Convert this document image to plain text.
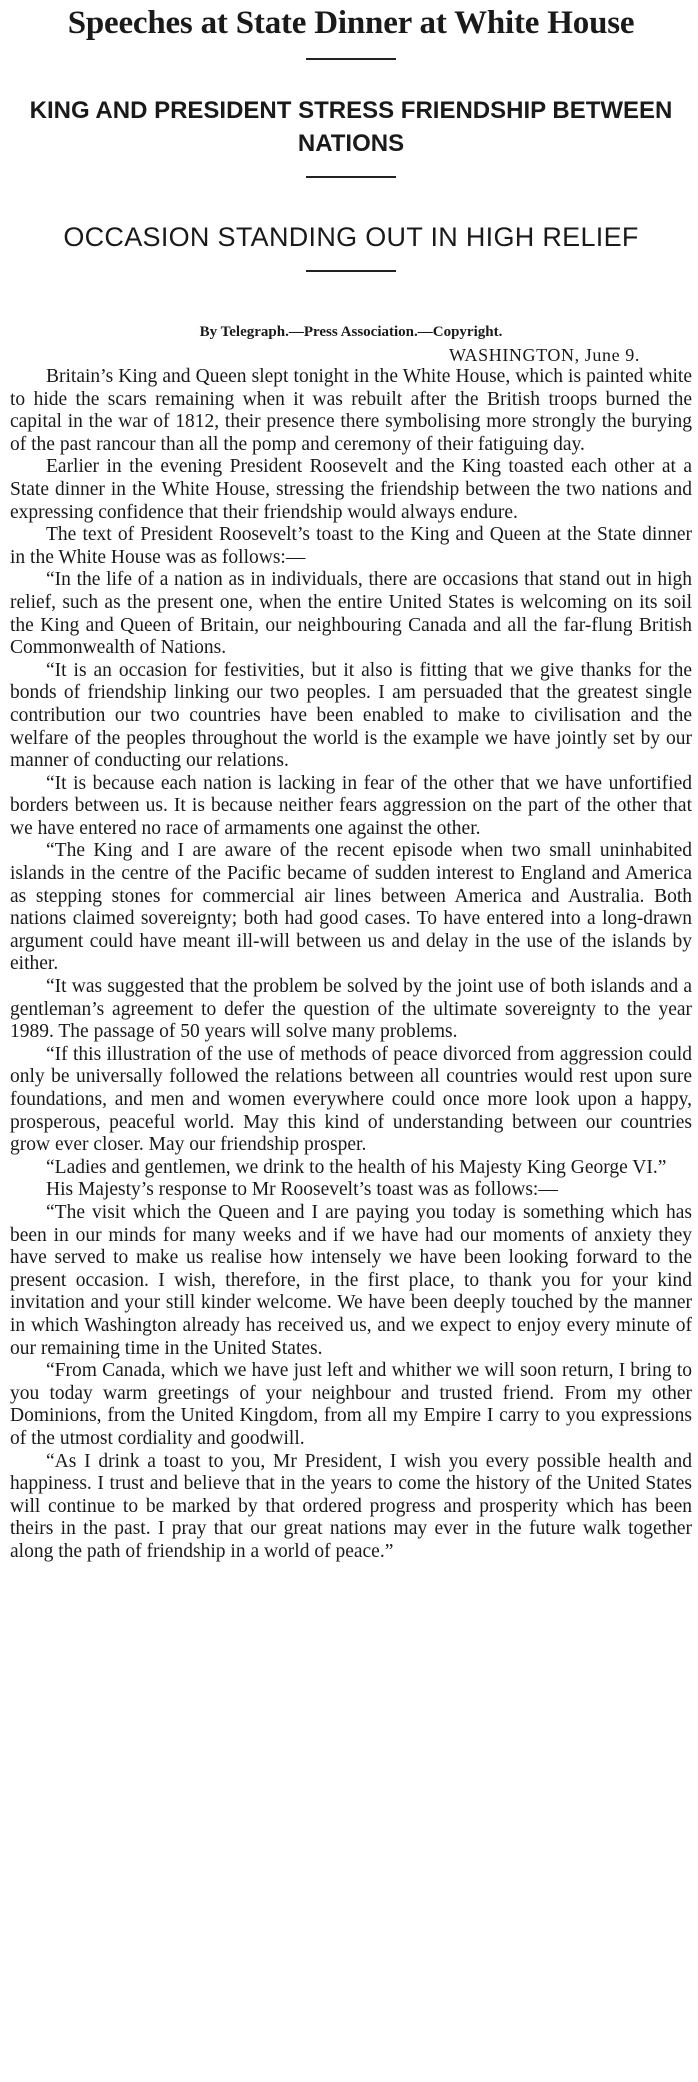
Speeches at State Dinner at White House
KING AND PRESIDENT STRESS FRIENDSHIP BETWEEN NATIONS
OCCASION STANDING OUT IN HIGH RELIEF
By Telegraph.—Press Association.—Copyright.
WASHINGTON, June 9.

Britain’s King and Queen slept tonight in the White House, which is painted white to hide the scars remaining when it was rebuilt after the British troops burned the capital in the war of 1812, their presence there symbolising more strongly the burying of the past rancour than all the pomp and ceremony of their fatiguing day.

Earlier in the evening President Roosevelt and the King toasted each other at a State dinner in the White House, stressing the friendship between the two nations and expressing confidence that their friendship would always endure.

The text of President Roosevelt’s toast to the King and Queen at the State dinner in the White House was as follows:—

“In the life of a nation as in individuals, there are occasions that stand out in high relief, such as the present one, when the entire United States is welcoming on its soil the King and Queen of Britain, our neighbouring Canada and all the far-flung British Commonwealth of Nations.

“It is an occasion for festivities, but it also is fitting that we give thanks for the bonds of friendship linking our two peoples. I am persuaded that the greatest single contribution our two countries have been enabled to make to civilisation and the welfare of the peoples throughout the world is the example we have jointly set by our manner of conducting our relations.

“It is because each nation is lacking in fear of the other that we have unfortified borders between us. It is because neither fears aggression on the part of the other that we have entered no race of armaments one against the other.

“The King and I are aware of the recent episode when two small uninhabited islands in the centre of the Pacific became of sudden interest to England and America as stepping stones for commercial air lines between America and Australia. Both nations claimed sovereignty; both had good cases. To have entered into a long-drawn argument could have meant ill-will between us and delay in the use of the islands by either.

“It was suggested that the problem be solved by the joint use of both islands and a gentleman’s agreement to defer the question of the ultimate sovereignty to the year 1989. The passage of 50 years will solve many problems.

“If this illustration of the use of methods of peace divorced from aggression could only be universally followed the relations between all countries would rest upon sure foundations, and men and women everywhere could once more look upon a happy, prosperous, peaceful world. May this kind of understanding between our countries grow ever closer. May our friendship prosper.

“Ladies and gentlemen, we drink to the health of his Majesty King George VI.”

His Majesty’s response to Mr Roosevelt’s toast was as follows:—

“The visit which the Queen and I are paying you today is something which has been in our minds for many weeks and if we have had our moments of anxiety they have served to make us realise how intensely we have been looking forward to the present occasion. I wish, therefore, in the first place, to thank you for your kind invitation and your still kinder welcome. We have been deeply touched by the manner in which Washington already has received us, and we expect to enjoy every minute of our remaining time in the United States.

“From Canada, which we have just left and whither we will soon return, I bring to you today warm greetings of your neighbour and trusted friend. From my other Dominions, from the United Kingdom, from all my Empire I carry to you expressions of the utmost cordiality and goodwill.

“As I drink a toast to you, Mr President, I wish you every possible health and happiness. I trust and believe that in the years to come the history of the United States will continue to be marked by that ordered progress and prosperity which has been theirs in the past. I pray that our great nations may ever in the future walk together along the path of friendship in a world of peace.”
